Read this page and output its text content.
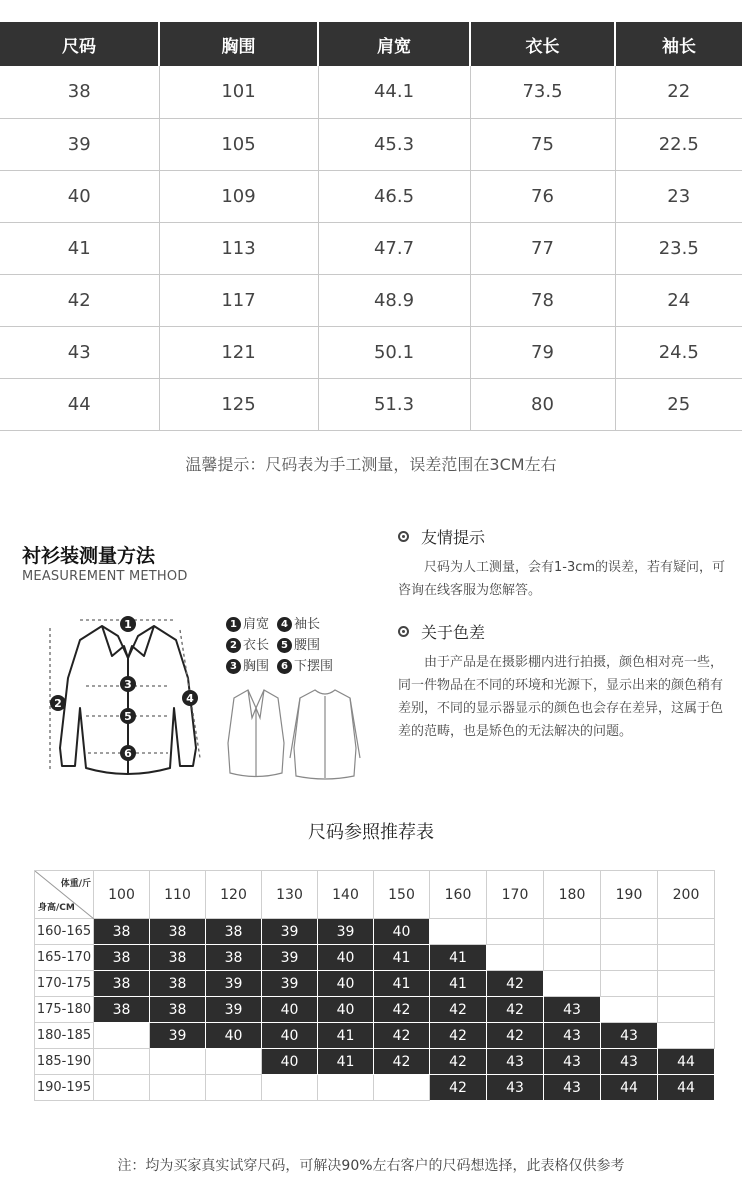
尺码	胸围	肩宽	衣长	袖长
38	101	44.1	73.5	22
39	105	45.3	75	22.5
40	109	46.5	76	23
41	113	47.7	77	23.5
42	117	48.9	78	24
43	121	50.1	79	24.5
44	125	51.3	80	25
温馨提示：尺码表为手工测量，误差范围在3CM左右
衬衫装测量方法
MEASUREMENT METHOD
1
2
3
4
5
6
1 肩宽	4 袖长
2 衣长	5 腰围
3 胸围	6 下摆围
友情提示
尺码为人工测量，会有1-3cm的误差，若有疑问，可咨询在线客服为您解答。
关于色差
由于产品是在摄影棚内进行拍摄，颜色相对亮一些，同一件物品在不同的环境和光源下，显示出来的颜色稍有差别，不同的显示器显示的颜色也会存在差异，这属于色差的范畴，也是矫色的无法解决的问题。
尺码参照推荐表
体重/斤
身高/CM	100	110	120	130	140	150	160	170	180	190	200
160-165	38	38	38	39	39	40					
165-170	38	38	38	39	40	41	41				
170-175	38	38	39	39	40	41	41	42			
175-180	38	38	39	40	40	42	42	42	43		
180-185		39	40	40	41	42	42	42	43	43	
185-190				40	41	42	42	43	43	43	44
190-195							42	43	43	44	44
注：均为买家真实试穿尺码，可解决90%左右客户的尺码想选择，此表格仅供参考
